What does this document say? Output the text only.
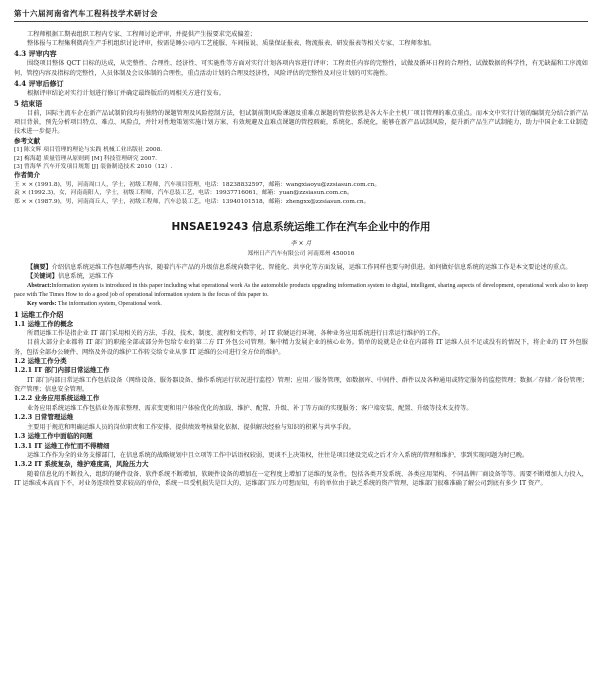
第十六届河南省汽车工程科技学术研讨会

工程师根据工期表组织工程内专家、工程师讨论评审，并提供产生报要求完成偏差；

整体报与工程集利微尚生产手机组织讨论评审，按需是睡公司内工艺能服、车间报说、质量保证报表、物流报表、研发报表等相关专家、工程师参加。

4.3 评审内容

围绕项目整体 QCT 目标的达成，从完整性、合理性、经济性、可实施性等方面对实行计划各项内容进行评审；工程责任内容的完整性，试做及循环日程的合理性，试做数据的科学性，有无缺漏和工序流如何，管控内容及指标的完整性，人员体制及会议体制的合理性，重点活动计划的合理及经济性，风险评估的完整性及对应计划的可实施性。

4.4 评审后修订

根据评审结论对实行计划进行修订并确定最终版后的周相关方进行发布。

5 结束语

目前，国际主流车企在新产品试制阶段均有独特的课题管理及风险控制方法，但试制前期风险课题及重难点课题的管控依然是各大车企主机厂项目管理的难点重点。而本文中实行计划的编制充分结合新产品项目背景，预先分析项目特点、难点、风险点，并针对性地策划实施计划方案，有效规避及直难点课题的管控瑕疵，系统化、系统化，能够在新产品试制风险，提升新产品生产试制能力，助力中国企业工业制造技术进一步提升。

参考文献

[1] 陈文辉 项目管理的理论与实践 机械工业出版社 2008.

[2] 梅海超 质量管理从原则到 [M] 科技管理研究 2007.

[3] 曾海华 汽车开发项目规划 [J] 装备制造技术 2010（12）.

作者简介

王 × × (1991.8)，男，河南周口人，学士，初级工程师，汽车项目管理，电话：18238832597，邮箱：wangxiaoyu@zzsiasun.com.cn。

袁 × (1992.3)，女，河南南阳人，学士，初级工程师，汽车总装工艺，电话：19937716061，邮箱：yuan@zzsiasun.com.cn。

郑 × × (1987.9)，男，河南商丘人，学士，初级工程师，汽车总装工艺，电话：13940101518，邮箱：zhengxx@zzsiasun.com.cn。

HNSAE19243 信息系统运维工作在汽车企业中的作用

李 × 月

郑州日产汽车有限公司 河南郑州 450016

【摘要】介绍信息系统运维工作包括哪些内容，随着汽车产品的升级信息系统向数字化、智能化、共享化等方面发展，运维工作同样也要与时俱进。如何做好信息系统的运维工作是本文要论述的重点。

【关键词】信息系统，运维工作

Abstract:Information system is introduced in this paper including what operational work As the automobile products upgrading information system to digital, intelligent, sharing aspects of development, operational work also to keep pace with The Times How to do a good job of operational information system is the focus of this paper to.

Key words: The information system, Operational work.

1 运维工作介绍

1.1 运维工作的概念

所谓运维工作是指企业 IT 部门采用相关的方法、手段、技术、制度、流程和文档等，对 IT 软硬运行环境、各种业务应用系统进行日常运行维护的工作。

目前大部分企业都将 IT 部门的职能全部或部分外包给专业的第二方 IT 外包公司管理。集中精力发展企业的核心业务。简单的说就是企业在内部将 IT 运维人员不足或没有的情况下，将企业的 IT 外包服务，包括全部办公硬件、网络及外设的维护工作转交给专业从事 IT 运维的公司进行全方位的维护。

1.2 运维工作分类

1.2.1 IT 部门内部日常运维工作

IT 部门内部日常运维工作包括设备（网络设备、服务器设备、操作系统运行状况进行监控）管理；应用／服务管理，如数据库、中间件、群件以及各种通用或特定服务的监控管理；数据／存储／备份管理；资产管理；信息安全管理。

1.2.2 业务应用系统运维工作

业务应用系统运维工作包括业务需求整理、需求变更和用户体验优化的加载、维护、配置、升级、补丁等方面的实现服务；客户端安装、配置、升级等技术支持等。

1.2.3 日常管理运维

主要用于规范和明确运维人员的岗位职责和工作安排、提供绩效考核量化依据、提供解决经验与知识的积累与共享手段。

1.3 运维工作中面临的问题

1.3.1 IT 运维工作忙而不得精细

运维工作作为全的业务支撑部门，在信息系统的战略规划中且立项等工作中话语权较弱，更谈不上决策权，往往是项目建设完成之后才介入系统的管理和维护，事到实现问题为时已晚。

1.3.2 IT 系统复杂，维护难度高，风险压力大

随着信息化的不断投入，组织的硬件设备、软件系统不断增加，软硬件设备的增加在一定程度上增加了运维的复杂性，包括各类开发系统、各类应用架构、不同品牌厂商设备等等。需要不断增加人力投入，IT 运维成本高而下不，对业务连续性要求较高的单位，系统一旦受机损失是巨大的，运维部门压力可想而知，有的单位由于缺乏系统的资产管理，运维部门很难准确了解公司到底有多少 IT 资产。
